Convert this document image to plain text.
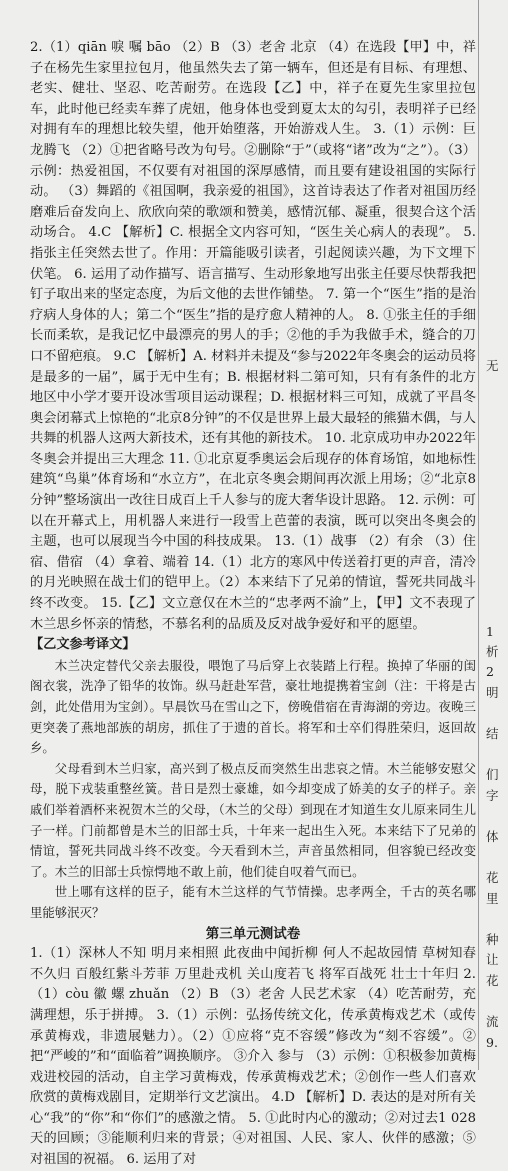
2.（1）qiān 唳 嘱 bāo （2）B （3）老舍 北京 （4）在选段【甲】中，祥子在杨先生家里拉包月，他虽然失去了第一辆车，但还是有目标、有理想、老实、健壮、坚忍、吃苦耐劳。在选段【乙】中，祥子在夏先生家里拉包车，此时他已经卖车葬了虎妞，他身体也受到夏太太的勾引，表明祥子已经对拥有车的理想比较失望，他开始堕落，开始游戏人生。 3.（1）示例：巨龙腾飞 （2）①把省略号改为句号。②删除“于”（或将“诸”改为“之”）。（3）示例：热爱祖国，不仅要有对祖国的深厚感情，而且要有建设祖国的实际行动。 （3）舞蹈的《祖国啊，我亲爱的祖国》，这首诗表达了作者对祖国历经磨难后奋发向上、欣欣向荣的歌颂和赞美，感情沉郁、凝重，很契合这个活动场合。 4.C 【解析】C. 根据全文内容可知，“医生关心病人的表现”。 5. 指张主任突然去世了。作用：开篇能吸引读者，引起阅读兴趣，为下文埋下伏笔。 6. 运用了动作描写、语言描写、生动形象地写出张主任要尽快帮我把钉子取出来的坚定态度，为后文他的去世作铺垫。 7. 第一个“医生”指的是治疗病人身体的人；第二个“医生”指的是疗愈人精神的人。 8. ①张主任的手细长而柔软，是我记忆中最漂亮的男人的手；②他的手为我做手术，缝合的刀口不留疤痕。 9.C 【解析】A. 材料并未提及“参与2022年冬奥会的运动员将是最多的一届”，属于无中生有；B. 根据材料二第可知，只有有条件的北方地区中小学才要开设冰雪项目运动课程；D. 根据材料三可知，成就了平昌冬奥会闭幕式上惊艳的“北京8分钟”的不仅是世界上最大最轻的熊猫木偶，与人共舞的机器人这两大新技术，还有其他的新技术。 10. 北京成功申办2022年冬奥会并提出三大理念 11. ①北京夏季奥运会后现存的体育场馆，如地标性建筑“鸟巢”体育场和“水立方”，在北京冬奥会期间再次派上用场；②“北京8分钟”整场演出一改往日成百上千人参与的庞大奢华设计思路。 12. 示例：可以在开幕式上，用机器人来进行一段雪上芭蕾的表演，既可以突出冬奥会的主题，也可以展现当今中国的科技成果。 13.（1）战事 （2）有余 （3）住宿、借宿 （4）拿着、端着 14.（1）北方的寒风中传送着打更的声音，清冷的月光映照在战士们的铠甲上。（2）本来结下了兄弟的情谊，誓死共同战斗终不改变。 15.【乙】文立意仅在木兰的“忠孝两不渝”上，【甲】文不表现了木兰思乡怀亲的情愁，不慕名利的品质及反对战争爱好和平的愿望。

【乙文参考译文】

木兰决定替代父亲去服役，喂饱了马后穿上衣装踏上行程。换掉了华丽的闺阁衣裳，洗净了铅华的妆饰。纵马赶赴军营，豪壮地提携着宝剑（注：干将是古剑，此处借用为宝剑）。早晨饮马在雪山之下，傍晚借宿在青海湖的旁边。夜晚三更突袭了燕地部族的胡房，抓住了于遗的首长。将军和士卒们得胜荣归，返回故乡。

父母看到木兰归家，高兴到了极点反而突然生出悲哀之情。木兰能够安慰父母，脱下戎装重整丝簧。昔日是烈士豪雄，如今却变成了娇美的女子的样子。亲戚们举着酒杯来祝贺木兰的父母，（木兰的父母）到现在才知道生女儿原来同生儿子一样。门前都曾是木兰的旧部士兵，十年来一起出生入死。本来结下了兄弟的情谊，誓死共同战斗终不改变。今天看到木兰，声音虽然相同，但容貌已经改变了。木兰的旧部士兵惊愕地不敢上前，他们徒自叹着气而已。

世上哪有这样的臣子，能有木兰这样的气节情操。忠孝两全，千古的英名哪里能够泯灭？

第三单元测试卷

1.（1）深林人不知 明月来相照 此夜曲中闻折柳 何人不起故园情 草树知春不久归 百般红紫斗芳菲 万里赴戎机 关山度若飞 将军百战死 壮士十年归 2.（1）còu 徽 螺 zhuǎn （2）B （3）老舍 人民艺术家 （4）吃苦耐劳，充满理想，乐于拼搏。 3.（1）示例：弘扬传统文化，传承黄梅戏艺术（或传承黄梅戏，非遗展魅力）。（2）①应将“克不容缓”修改为“刻不容缓”。②把“严峻的”和“面临着”调换顺序。 ③介入 参与 （3）示例：①积极参加黄梅戏进校园的活动，自主学习黄梅戏，传承黄梅戏艺术；②创作一些人们喜欢欣赏的黄梅戏剧目，定期举行文艺演出。 4.D 【解析】D. 表达的是对所有关心“我”的“你”和“你们”的感激之情。 5. ①此时内心的激动；②对过去1 028天的回顾；③能顺利归来的背景；④对祖国、人民、家人、伙伴的感激；⑤对祖国的祝福。 6. 运用了对

无
1
析
2
明
结
们
字
体
花
里
种
让
花
流
9.
